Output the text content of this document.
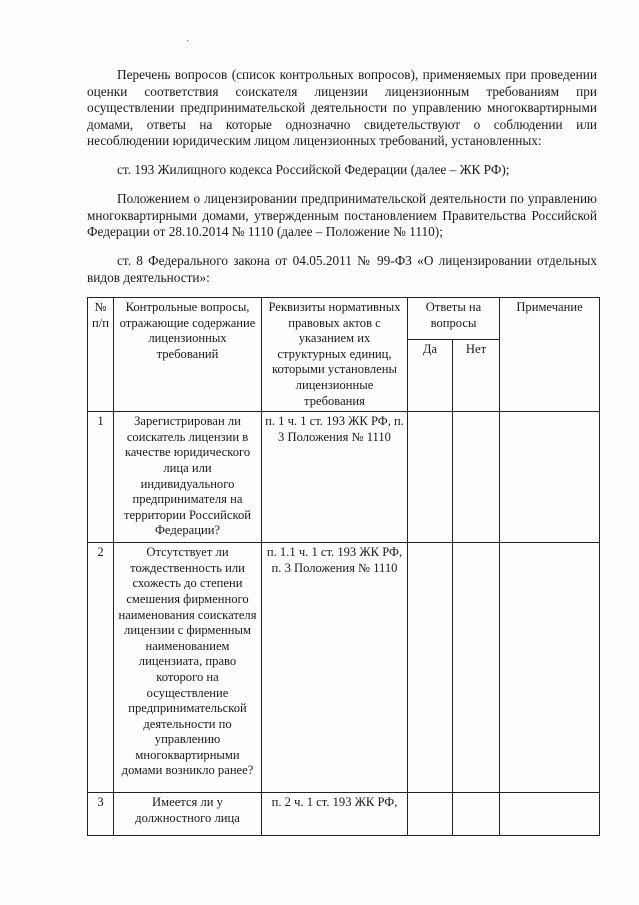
·

Перечень вопросов (список контрольных вопросов), применяемых при проведении оценки соответствия соискателя лицензии лицензионным требованиям при осуществлении предпринимательской деятельности по управлению многоквартирными домами, ответы на которые однозначно свидетельствуют о соблюдении или несоблюдении юридическим лицом лицензионных требований, установленных:

ст. 193 Жилищного кодекса Российской Федерации (далее – ЖК РФ);

Положением о лицензировании предпринимательской деятельности по управлению многоквартирными домами, утвержденным постановлением Правительства Российской Федерации от 28.10.2014 № 1110 (далее – Положение № 1110);

ст. 8 Федерального закона от 04.05.2011 № 99-ФЗ «О лицензировании отдельных видов деятельности»:

№ п/п	Контрольные вопросы, отражающие содержание лицензионных требований	Реквизиты нормативных правовых актов с указанием их структурных единиц, которыми установлены лицензионные требования	Ответы на вопросы		Примечание
			Да	Нет	
1	Зарегистрирован ли соискатель лицензии в качестве юридического лица или индивидуального предпринимателя на территории Российской Федерации?	п. 1 ч. 1 ст. 193 ЖК РФ, п. 3 Положения № 1110			
2	Отсутствует ли тождественность или схожесть до степени смешения фирменного наименования соискателя лицензии с фирменным наименованием лицензиата, право которого на осуществление предпринимательской деятельности по управлению многоквартирными домами возникло ранее?	п. 1.1 ч. 1 ст. 193 ЖК РФ, п. 3 Положения № 1110			
3	Имеется ли у должностного лица	п. 2 ч. 1 ст. 193 ЖК РФ,			
